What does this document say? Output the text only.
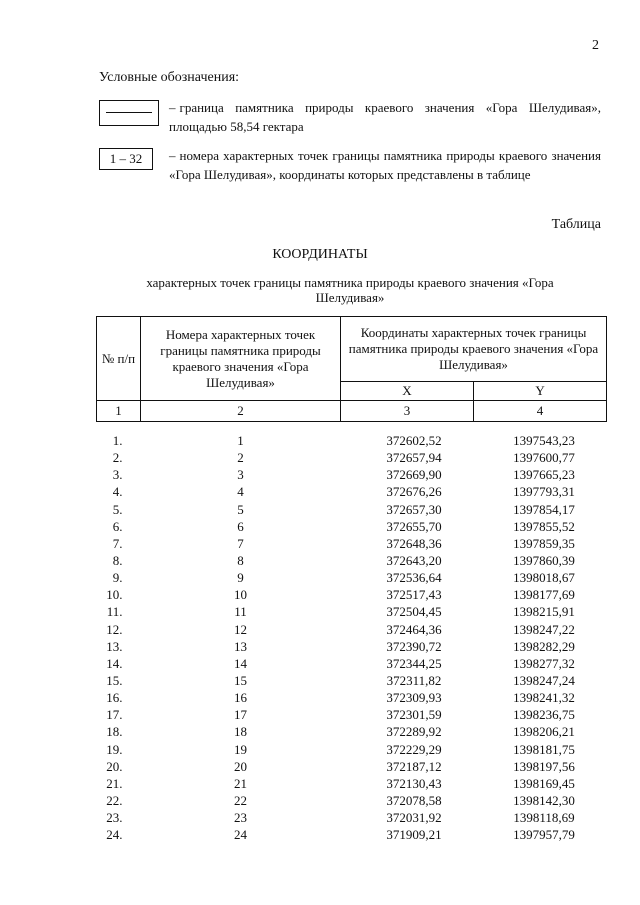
2
Условные обозначения:
– граница памятника природы краевого значения «Гора Шелудивая», площадью 58,54 гектара
1 – 32	– номера характерных точек границы памятника природы краевого значения «Гора Шелудивая», координаты которых представлены в таблице
Таблица
КООРДИНАТЫ
характерных точек границы памятника природы краевого значения «Гора Шелудивая»
№ п/п	Номера характерных точек границы памятника природы краевого значения «Гора Шелудивая»	Координаты характерных точек границы памятника природы краевого значения «Гора Шелудивая»	
		X	Y
1	2	3	4

1.	1	372602,52	1397543,23
2.	2	372657,94	1397600,77
3.	3	372669,90	1397665,23
4.	4	372676,26	1397793,31
5.	5	372657,30	1397854,17
6.	6	372655,70	1397855,52
7.	7	372648,36	1397859,35
8.	8	372643,20	1397860,39
9.	9	372536,64	1398018,67
10.	10	372517,43	1398177,69
11.	11	372504,45	1398215,91
12.	12	372464,36	1398247,22
13.	13	372390,72	1398282,29
14.	14	372344,25	1398277,32
15.	15	372311,82	1398247,24
16.	16	372309,93	1398241,32
17.	17	372301,59	1398236,75
18.	18	372289,92	1398206,21
19.	19	372229,29	1398181,75
20.	20	372187,12	1398197,56
21.	21	372130,43	1398169,45
22.	22	372078,58	1398142,30
23.	23	372031,92	1398118,69
24.	24	371909,21	1397957,79
